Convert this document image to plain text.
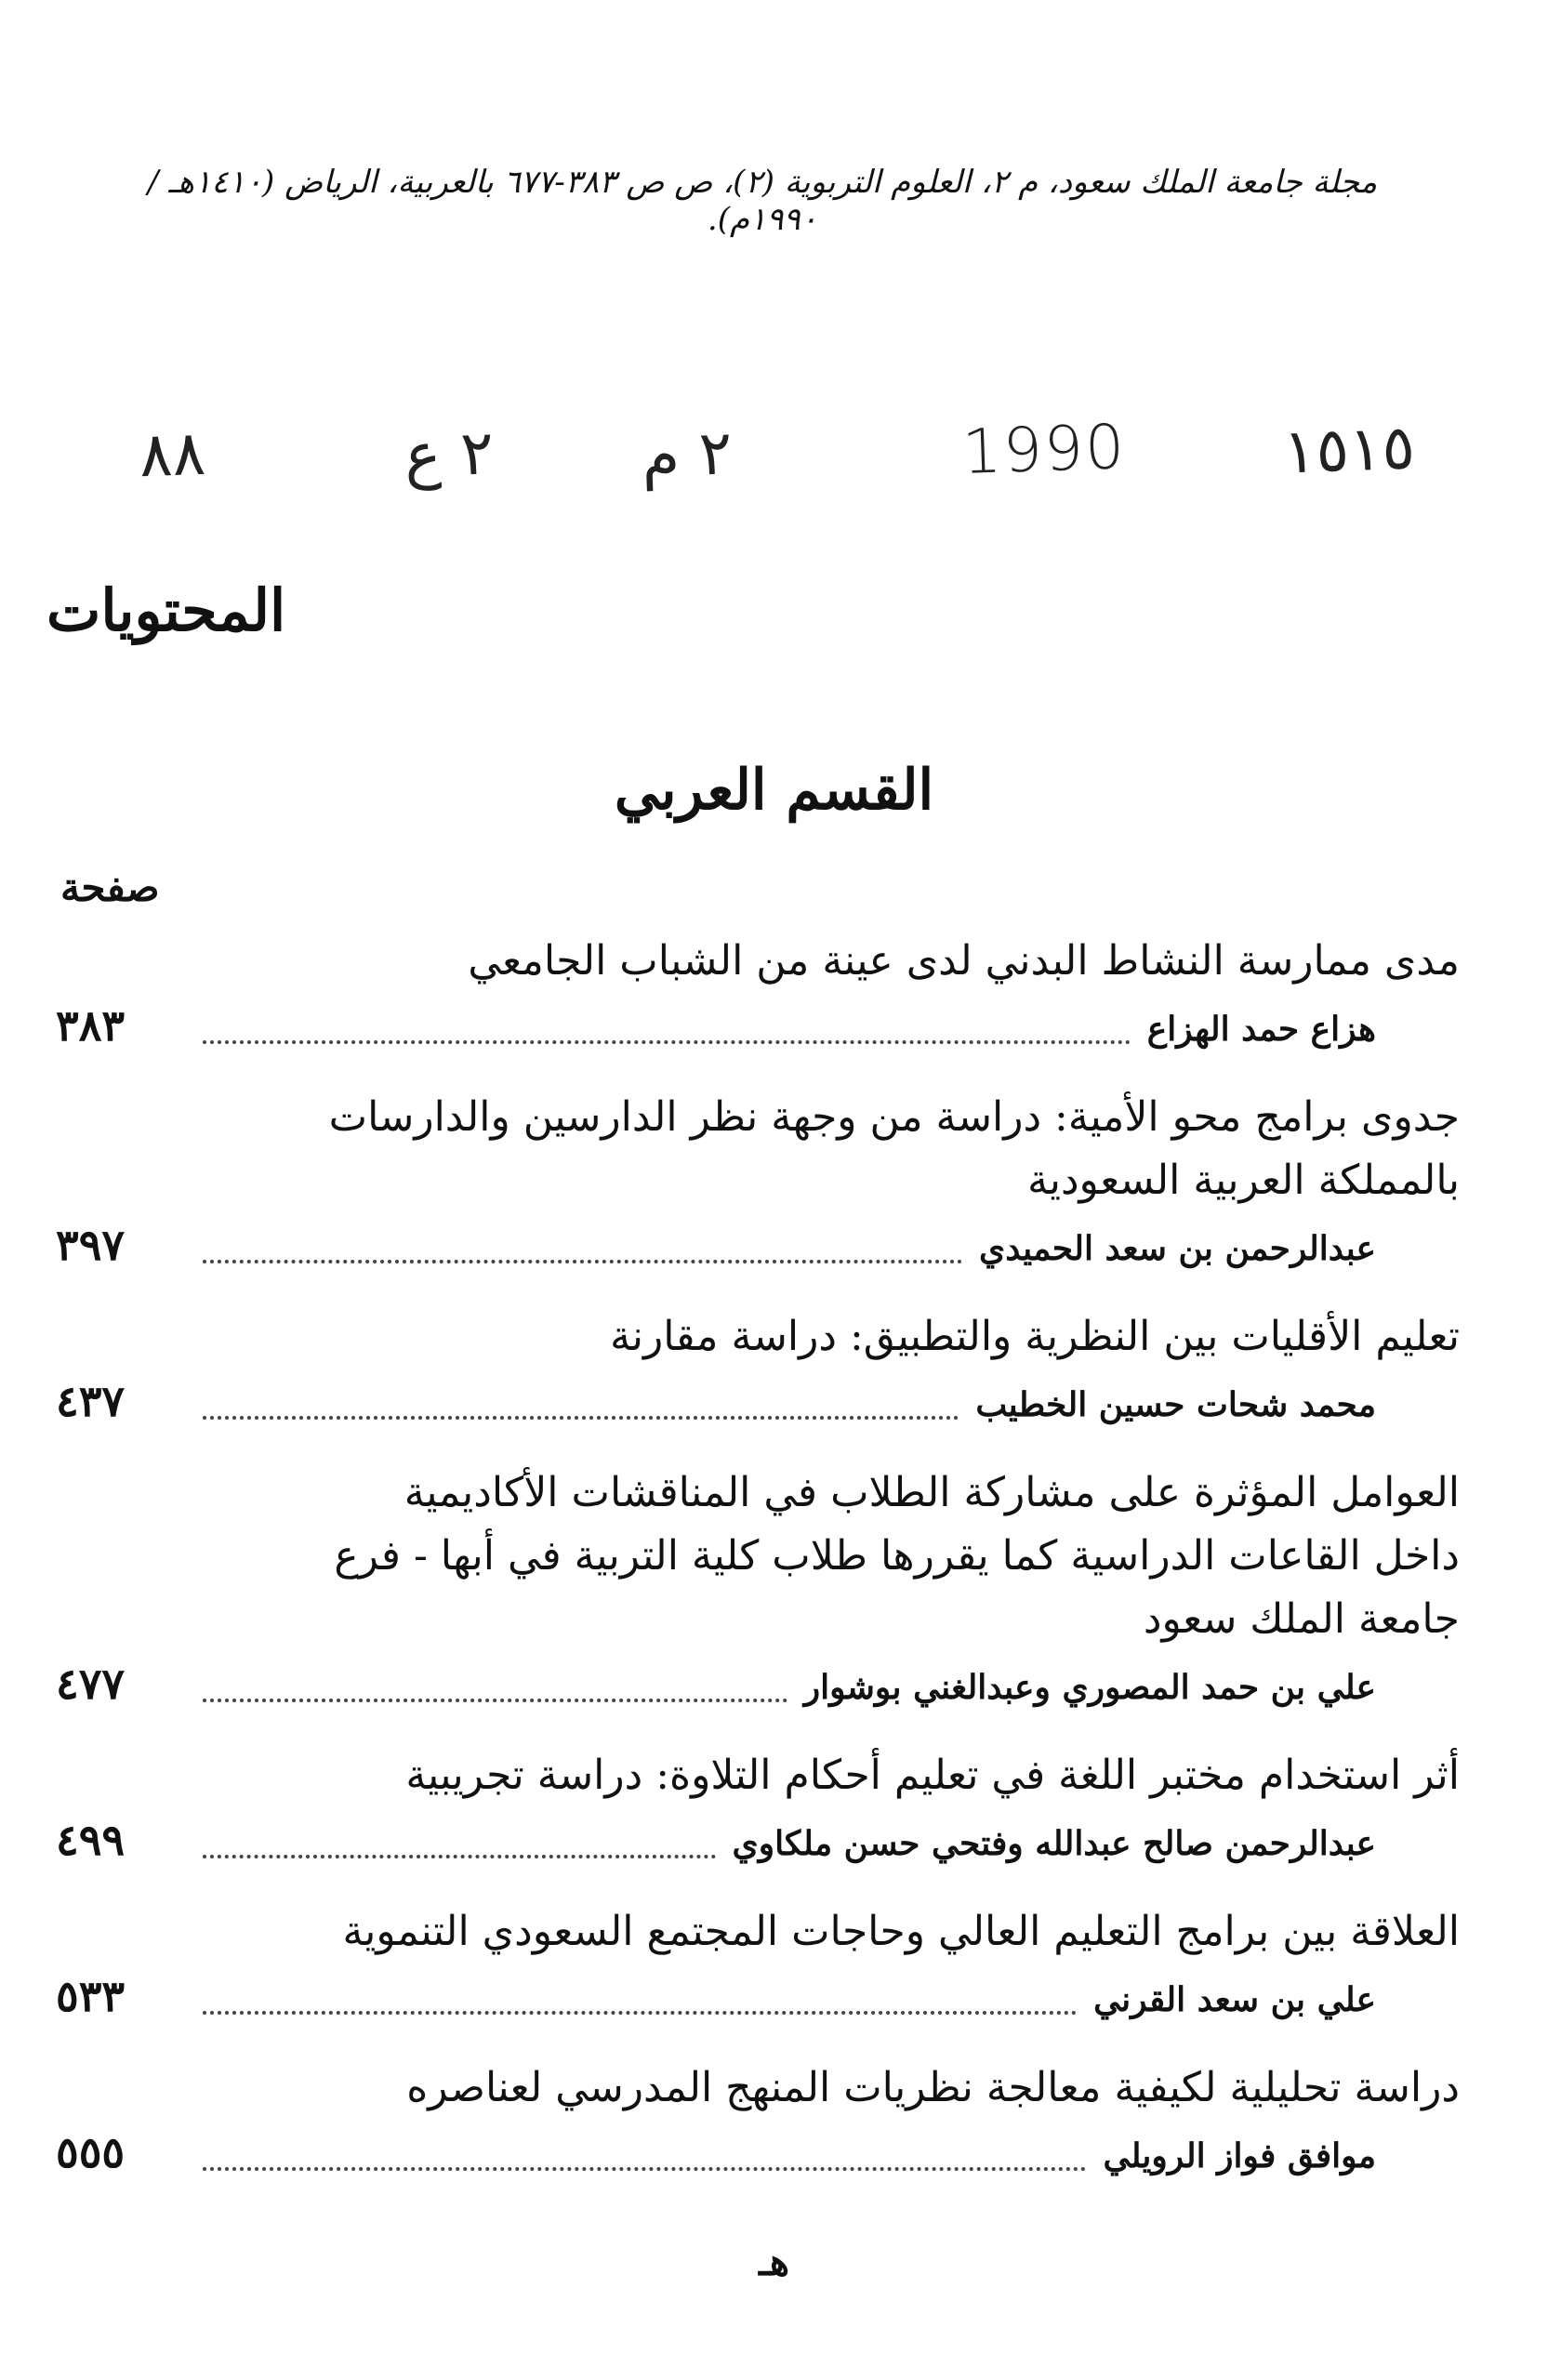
مجلة جامعة الملك سعود، م ٢، العلوم التربوية (٢)، ص ص ٣٨٣-٦٧٧ بالعربية، الرياض (١٤١٠هـ / ١٩٩٠م).
٨٨	٢ ع ٢ م	1990	١٥١٥
المحتويات
القسم العربي
صفحة
مدى ممارسة النشاط البدني لدى عينة من الشباب الجامعي
٣٨٣	هزاع حمد الهزاع
جدوى برامج محو الأمية: دراسة من وجهة نظر الدارسين والدارسات بالمملكة العربية السعودية
٣٩٧	عبدالرحمن بن سعد الحميدي
تعليم الأقليات بين النظرية والتطبيق: دراسة مقارنة
٤٣٧	محمد شحات حسين الخطيب
العوامل المؤثرة على مشاركة الطلاب في المناقشات الأكاديمية داخل القاعات الدراسية كما يقررها طلاب كلية التربية في أبها - فرع جامعة الملك سعود
٤٧٧	علي بن حمد المصوري وعبدالغني بوشوار
أثر استخدام مختبر اللغة في تعليم أحكام التلاوة: دراسة تجريبية
٤٩٩	عبدالرحمن صالح عبدالله وفتحي حسن ملكاوي
العلاقة بين برامج التعليم العالي وحاجات المجتمع السعودي التنموية
٥٣٣	علي بن سعد القرني
دراسة تحليلية لكيفية معالجة نظريات المنهج المدرسي لعناصره
٥٥٥	موافق فواز الرويلي
هـ
